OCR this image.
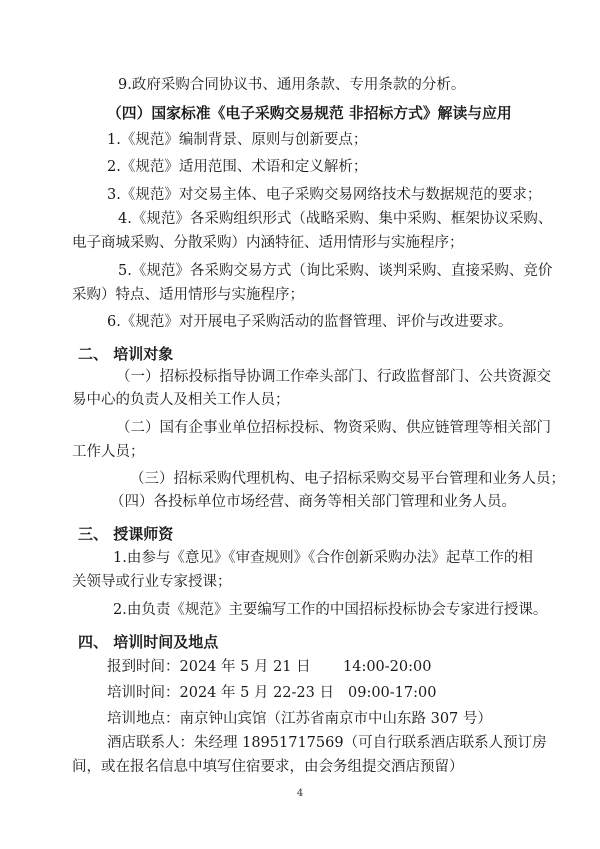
9.政府采购合同协议书、通用条款、专用条款的分析。
（四）国家标准《电子采购交易规范 非招标方式》解读与应用
1.《规范》编制背景、原则与创新要点；
2.《规范》适用范围、术语和定义解析；
3.《规范》对交易主体、电子采购交易网络技术与数据规范的要求；
4.《规范》各采购组织形式（战略采购、集中采购、框架协议采购、
电子商城采购、分散采购）内涵特征、适用情形与实施程序；
5.《规范》各采购交易方式（询比采购、谈判采购、直接采购、竞价
采购）特点、适用情形与实施程序；
6.《规范》对开展电子采购活动的监督管理、评价与改进要求。
二、 培训对象
（一）招标投标指导协调工作牵头部门、行政监督部门、公共资源交
易中心的负责人及相关工作人员；
（二）国有企事业单位招标投标、物资采购、供应链管理等相关部门
工作人员；
（三）招标采购代理机构、电子招标采购交易平台管理和业务人员；
（四）各投标单位市场经营、商务等相关部门管理和业务人员。
三、 授课师资
1.由参与《意见》《审查规则》《合作创新采购办法》起草工作的相
关领导或行业专家授课；
2.由负责《规范》主要编写工作的中国招标投标协会专家进行授课。
四、 培训时间及地点
报到时间：2024 年 5 月 21 日 14:00-20:00
培训时间：2024 年 5 月 22-23 日 09:00-17:00
培训地点：南京钟山宾馆（江苏省南京市中山东路 307 号）
酒店联系人：朱经理 18951717569（可自行联系酒店联系人预订房
间，或在报名信息中填写住宿要求，由会务组提交酒店预留）
4
